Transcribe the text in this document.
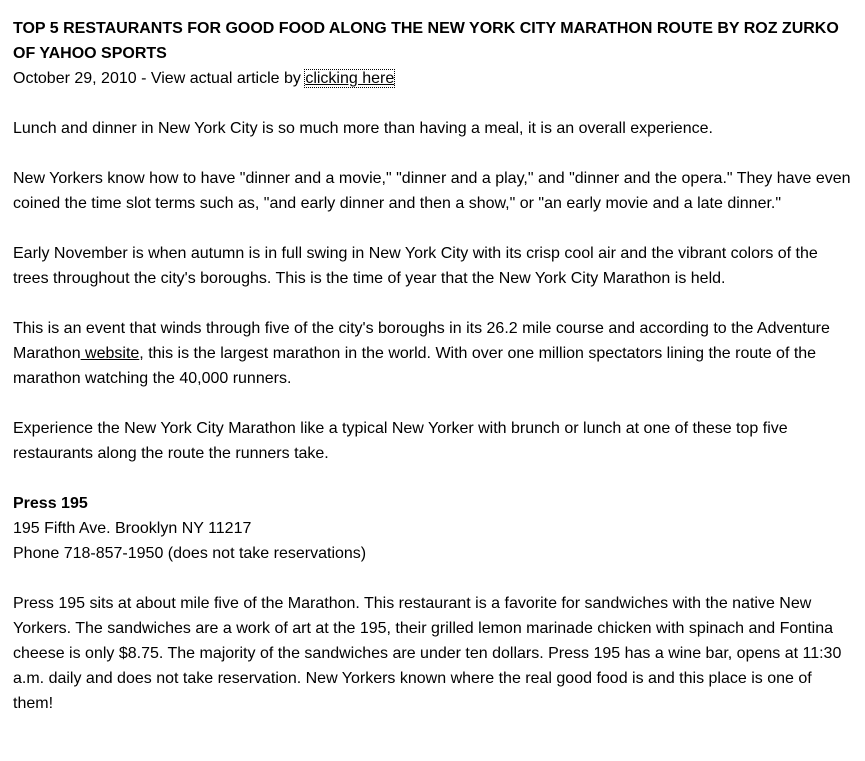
TOP 5 RESTAURANTS FOR GOOD FOOD ALONG THE NEW YORK CITY MARATHON ROUTE BY ROZ ZURKO OF YAHOO SPORTS

October 29, 2010 - View actual article by clicking here

Lunch and dinner in New York City is so much more than having a meal, it is an overall experience.

New Yorkers know how to have "dinner and a movie," "dinner and a play," and "dinner and the opera." They have even coined the time slot terms such as, "and early dinner and then a show," or "an early movie and a late dinner."

Early November is when autumn is in full swing in New York City with its crisp cool air and the vibrant colors of the trees throughout the city's boroughs. This is the time of year that the New York City Marathon is held.

This is an event that winds through five of the city's boroughs in its 26.2 mile course and according to the Adventure Marathon website, this is the largest marathon in the world. With over one million spectators lining the route of the marathon watching the 40,000 runners.

Experience the New York City Marathon like a typical New Yorker with brunch or lunch at one of these top five restaurants along the route the runners take.

Press 195
195 Fifth Ave. Brooklyn NY 11217
Phone 718-857-1950 (does not take reservations)

Press 195 sits at about mile five of the Marathon. This restaurant is a favorite for sandwiches with the native New Yorkers. The sandwiches are a work of art at the 195, their grilled lemon marinade chicken with spinach and Fontina cheese is only $8.75. The majority of the sandwiches are under ten dollars. Press 195 has a wine bar, opens at 11:30 a.m. daily and does not take reservation. New Yorkers known where the real good food is and this place is one of them!
